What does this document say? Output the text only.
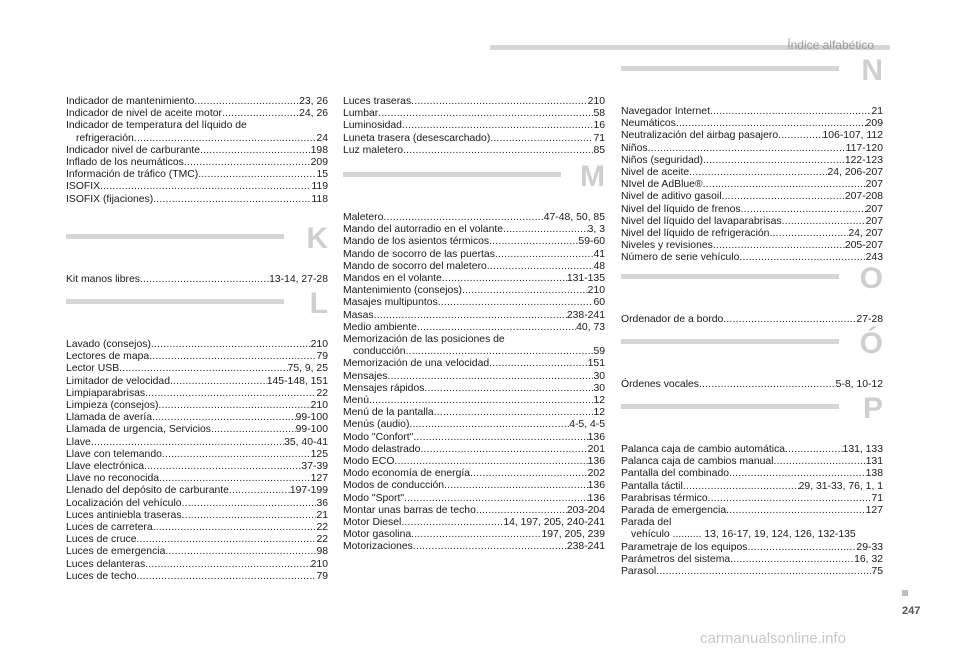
Índice alfabético
Indicador de mantenimiento .....	23, 26
Indicador de nivel de aceite motor .....	24, 26
Indicador de temperatura del líquido de
refrigeración .....	24
Indicador nivel de carburante .....	198
Inflado de los neumáticos .....	209
Información de tráfico (TMC) .....	15
ISOFIX .....	119
ISOFIX (fijaciones) .....	118
K
Kit manos libres .....	13-14, 27-28
L
Lavado (consejos) .....	210
Lectores de mapa .....	79
Lector USB .....	75, 9, 25
Limitador de velocidad .....	145-148, 151
Limpiaparabrisas .....	22
Limpieza (consejos) .....	210
Llamada de avería .....	99-100
Llamada de urgencia, Servicios .....	99-100
Llave .....	35, 40-41
Llave con telemando .....	125
Llave electrónica .....	37-39
Llave no reconocida .....	127
Llenado del depósito de carburante .....	197-199
Localización del vehículo .....	36
Luces antiniebla traseras .....	21
Luces de carretera .....	22
Luces de cruce .....	22
Luces de emergencia .....	98
Luces delanteras .....	210
Luces de techo .....	79
Luces traseras .....	210
Lumbar .....	58
Luminosidad .....	16
Luneta trasera (desescarchado) .....	71
Luz maletero .....	85
M
Maletero .....	47-48, 50, 85
Mando del autorradio en el volante .....	3, 3
Mando de los asientos térmicos .....	59-60
Mando de socorro de las puertas .....	41
Mando de socorro del maletero .....	48
Mandos en el volante .....	131-135
Mantenimiento (consejos) .....	210
Masajes multipuntos .....	60
Masas .....	238-241
Medio ambiente .....	40, 73
Memorización de las posiciones de
conducción .....	59
Memorización de una velocidad .....	151
Mensajes .....	30
Mensajes rápidos .....	30
Menú .....	12
Menú de la pantalla .....	12
Menús (audio) .....	4-5, 4-5
Modo "Confort" .....	136
Modo delastrado .....	201
Modo ECO .....	136
Modo economía de energía .....	202
Modos de conducción .....	136
Modo "Sport" .....	136
Montar unas barras de techo .....	203-204
Motor Diesel .....	14, 197, 205, 240-241
Motor gasolina .....	197, 205, 239
Motorizaciones .....	238-241
N
Navegador Internet .....	21
Neumáticos .....	209
Neutralización del airbag pasajero .....	106-107, 112
Niños .....	117-120
Niños (seguridad) .....	122-123
Nivel de aceite .....	24, 206-207
NIvel de AdBlue® .....	207
Nivel de aditivo gasoil .....	207-208
Nivel del líquido de frenos .....	207
Nivel del líquido del lavaparabrisas .....	207
Nivel del líquido de refrigeración .....	24, 207
Niveles y revisiones .....	205-207
Número de serie vehículo .....	243
O
Ordenador de a bordo .....	27-28
Ó
Órdenes vocales .....	5-8, 10-12
P
Palanca caja de cambio automática .....	131, 133
Palanca caja de cambios manual .....	131
Pantalla del combinado .....	138
Pantalla táctil .....	29, 31-33, 76, 1, 1
Parabrisas térmico .....	71
Parada de emergencia .....	127
Parada del
vehículo .......... 13, 16-17, 19, 124, 126, 132-135
Parametraje de los equipos .....	29-33
Parámetros del sistema .....	16, 32
Parasol .....	75
247
carmanualsonline.info
